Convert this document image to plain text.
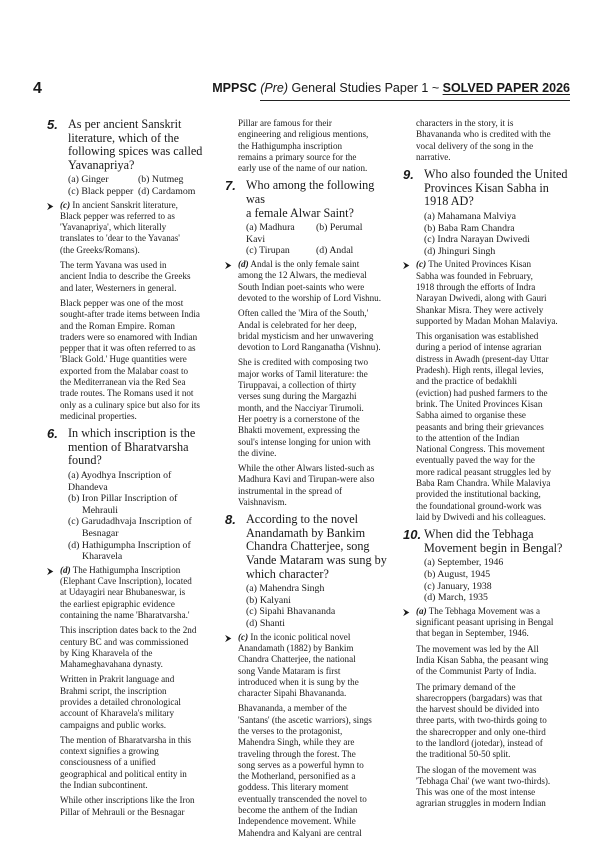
4	MPPSC (Pre) General Studies Paper 1 ~ SOLVED PAPER 2026
5. As per ancient Sanskrit
literature, which of the
following spices was called
Yavanapriya?
(a) Ginger	(b) Nutmeg
(c) Black pepper (d) Cardamom
⮞ (c) In ancient Sanskrit literature,
Black pepper was referred to as
'Yavanapriya', which literally
translates to 'dear to the Yavanas'
(the Greeks/Romans).
The term Yavana was used in
ancient India to describe the Greeks
and later, Westerners in general.
Black pepper was one of the most
sought-after trade items between India
and the Roman Empire. Roman
traders were so enamored with Indian
pepper that it was often referred to as
'Black Gold.' Huge quantities were
exported from the Malabar coast to
the Mediterranean via the Red Sea
trade routes. The Romans used it not
only as a culinary spice but also for its
medicinal properties.
6. In which inscription is the
mention of Bharatvarsha
found?
(a) Ayodhya Inscription of Dhandeva
(b) Iron Pillar Inscription of
Mehrauli
(c) Garudadhvaja Inscription of
Besnagar
(d) Hathigumpha Inscription of
Kharavela
⮞ (d) The Hathigumpha Inscription
(Elephant Cave Inscription), located
at Udayagiri near Bhubaneswar, is
the earliest epigraphic evidence
containing the name 'Bharatvarsha.'
This inscription dates back to the 2nd
century BC and was commissioned
by King Kharavela of the
Mahameghavahana dynasty.
Written in Prakrit language and
Brahmi script, the inscription
provides a detailed chronological
account of Kharavela's military
campaigns and public works.
The mention of Bharatvarsha in this
context signifies a growing
consciousness of a unified
geographical and political entity in
the Indian subcontinent.
While other inscriptions like the Iron
Pillar of Mehrauli or the Besnagar
Pillar are famous for their
engineering and religious mentions,
the Hathigumpha inscription
remains a primary source for the
early use of the name of our nation.
7. Who among the following was
a female Alwar Saint?
(a) Madhura Kavi
(b) Perumal
(c) Tirupan	(d) Andal
⮞ (d) Andal is the only female saint
among the 12 Alwars, the medieval
South Indian poet-saints who were
devoted to the worship of Lord Vishnu.
Often called the 'Mira of the South,'
Andal is celebrated for her deep,
bridal mysticism and her unwavering
devotion to Lord Ranganatha (Vishnu).
She is credited with composing two
major works of Tamil literature: the
Tiruppavai, a collection of thirty
verses sung during the Margazhi
month, and the Nacciyar Tirumoli.
Her poetry is a cornerstone of the
Bhakti movement, expressing the
soul's intense longing for union with
the divine.
While the other Alwars listed-such as
Madhura Kavi and Tirupan-were also
instrumental in the spread of
Vaishnavism.
8. According to the novel
Anandamath by Bankim
Chandra Chatterjee, song
Vande Mataram was sung by
which character?
(a) Mahendra Singh
(b) Kalyani
(c) Sipahi Bhavananda
(d) Shanti
⮞ (c) In the iconic political novel
Anandamath (1882) by Bankim
Chandra Chatterjee, the national
song Vande Mataram is first
introduced when it is sung by the
character Sipahi Bhavananda.
Bhavananda, a member of the
'Santans' (the ascetic warriors), sings
the verses to the protagonist,
Mahendra Singh, while they are
traveling through the forest. The
song serves as a powerful hymn to
the Motherland, personified as a
goddess. This literary moment
eventually transcended the novel to
become the anthem of the Indian
Independence movement. While
Mahendra and Kalyani are central
characters in the story, it is
Bhavananda who is credited with the
vocal delivery of the song in the
narrative.
9. Who also founded the United
Provinces Kisan Sabha in
1918 AD?
(a) Mahamana Malviya
(b) Baba Ram Chandra
(c) Indra Narayan Dwivedi
(d) Jhinguri Singh
⮞ (c) The United Provinces Kisan
Sabha was founded in February,
1918 through the efforts of Indra
Narayan Dwivedi, along with Gauri
Shankar Misra. They were actively
supported by Madan Mohan Malaviya.
This organisation was established
during a period of intense agrarian
distress in Awadh (present-day Uttar
Pradesh). High rents, illegal levies,
and the practice of bedakhli
(eviction) had pushed farmers to the
brink. The United Provinces Kisan
Sabha aimed to organise these
peasants and bring their grievances
to the attention of the Indian
National Congress. This movement
eventually paved the way for the
more radical peasant struggles led by
Baba Ram Chandra. While Malaviya
provided the institutional backing,
the foundational ground-work was
laid by Dwivedi and his colleagues.
10. When did the Tebhaga
Movement begin in Bengal?
(a) September, 1946
(b) August, 1945
(c) January, 1938
(d) March, 1935
⮞ (a) The Tebhaga Movement was a
significant peasant uprising in Bengal
that began in September, 1946.
The movement was led by the All
India Kisan Sabha, the peasant wing
of the Communist Party of India.
The primary demand of the
sharecroppers (bargadars) was that
the harvest should be divided into
three parts, with two-thirds going to
the sharecropper and only one-third
to the landlord (jotedar), instead of
the traditional 50-50 split.
The slogan of the movement was
'Tebhaga Chai' (we want two-thirds).
This was one of the most intense
agrarian struggles in modern Indian
